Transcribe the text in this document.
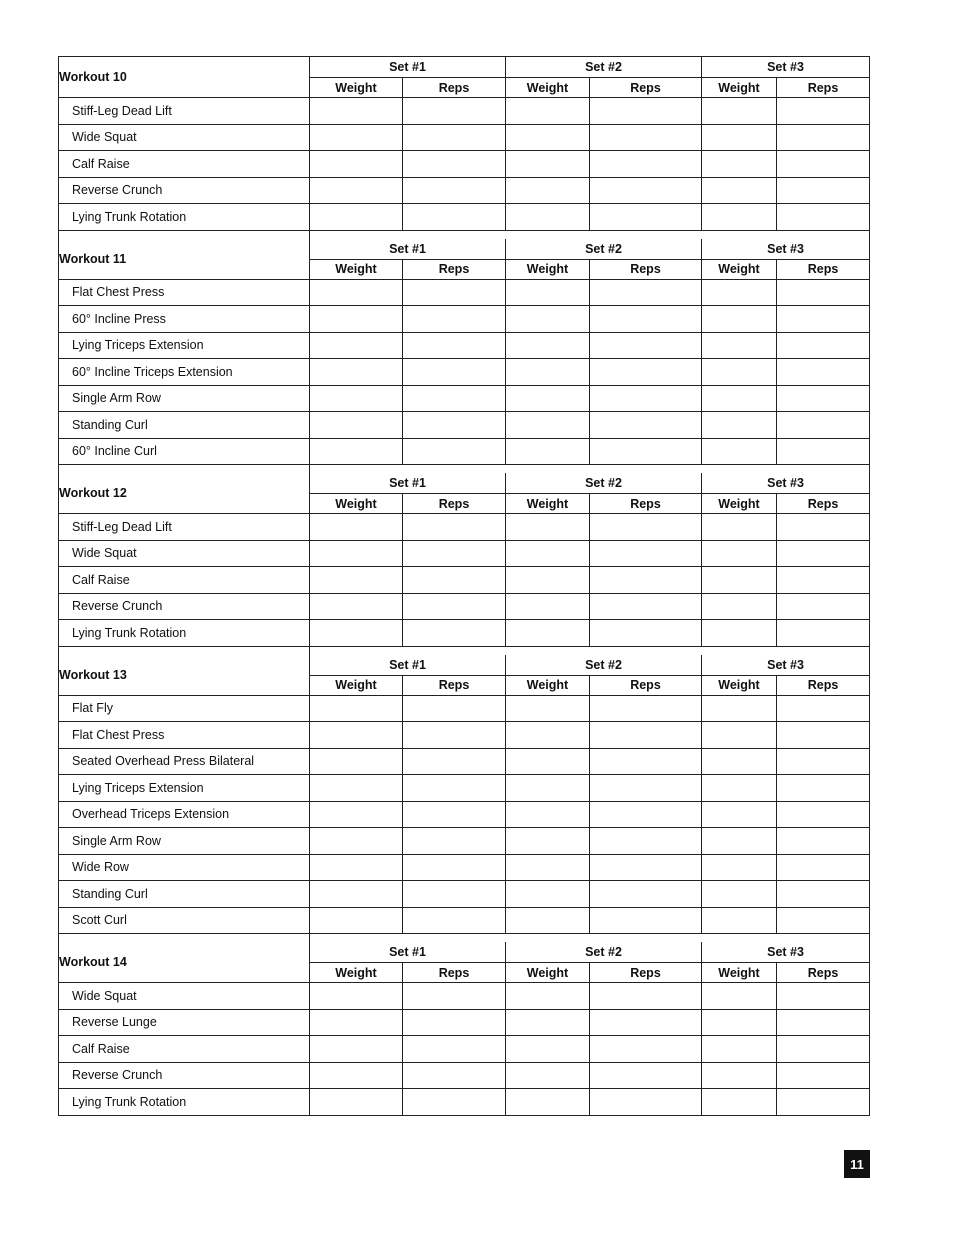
Workout 10	Set #1		Set #2		Set #3	
	Weight	Reps	Weight	Reps	Weight	Reps
Stiff-Leg Dead Lift						
Wide Squat						
Calf Raise						
Reverse Crunch						
Lying Trunk Rotation						

Workout 11	Set #1		Set #2		Set #3	
	Weight	Reps	Weight	Reps	Weight	Reps
Flat Chest Press						
60° Incline Press						
Lying Triceps Extension						
60° Incline Triceps Extension						
Single Arm Row						
Standing Curl						
60° Incline Curl						

Workout 12	Set #1		Set #2		Set #3	
	Weight	Reps	Weight	Reps	Weight	Reps
Stiff-Leg Dead Lift						
Wide Squat						
Calf Raise						
Reverse Crunch						
Lying Trunk Rotation						

Workout 13	Set #1		Set #2		Set #3	
	Weight	Reps	Weight	Reps	Weight	Reps
Flat Fly						
Flat Chest Press						
Seated Overhead Press Bilateral						
Lying Triceps Extension						
Overhead Triceps Extension						
Single Arm Row						
Wide Row						
Standing Curl						
Scott Curl						

Workout 14	Set #1		Set #2		Set #3	
	Weight	Reps	Weight	Reps	Weight	Reps
Wide Squat						
Reverse Lunge						
Calf Raise						
Reverse Crunch						
Lying Trunk Rotation						
11
